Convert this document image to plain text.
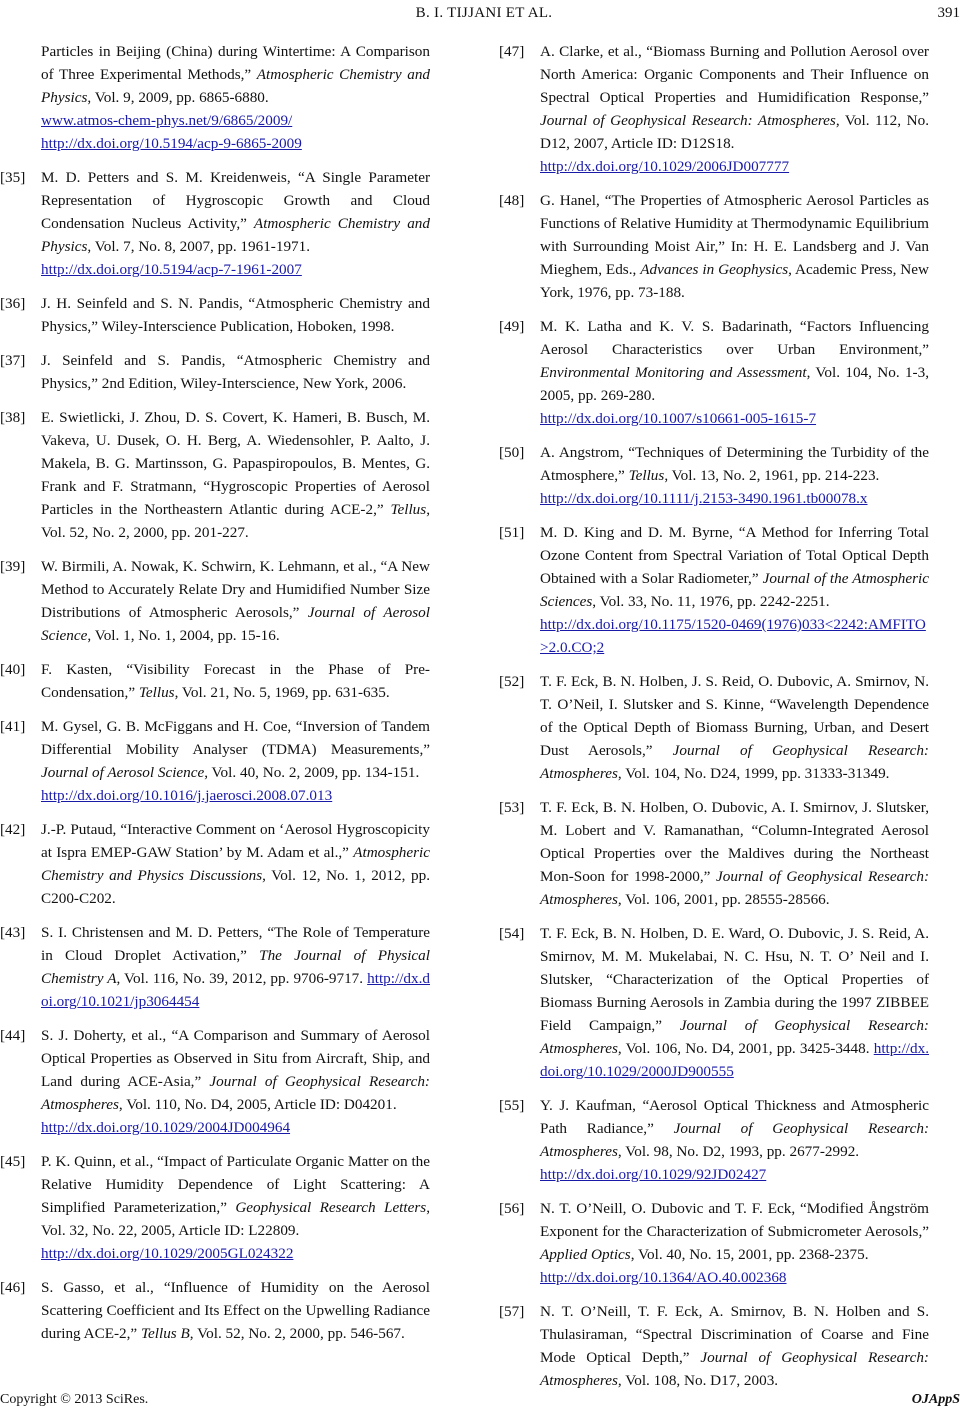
B. I. TIJJANI ET AL.	391
Particles in Beijing (China) during Wintertime: A Comparison of Three Experimental Methods,” Atmospheric Chemistry and Physics, Vol. 9, 2009, pp. 6865-6880.
www.atmos-chem-phys.net/9/6865/2009/
http://dx.doi.org/10.5194/acp-9-6865-2009
[35] M. D. Petters and S. M. Kreidenweis, “A Single Parameter Representation of Hygroscopic Growth and Cloud Condensation Nucleus Activity,” Atmospheric Chemistry and Physics, Vol. 7, No. 8, 2007, pp. 1961-1971.
http://dx.doi.org/10.5194/acp-7-1961-2007
[36] J. H. Seinfeld and S. N. Pandis, “Atmospheric Chemistry and Physics,” Wiley-Interscience Publication, Hoboken, 1998.
[37] J. Seinfeld and S. Pandis, “Atmospheric Chemistry and Physics,” 2nd Edition, Wiley-Interscience, New York, 2006.
[38] E. Swietlicki, J. Zhou, D. S. Covert, K. Hameri, B. Busch, M. Vakeva, U. Dusek, O. H. Berg, A. Wiedensohler, P. Aalto, J. Makela, B. G. Martinsson, G. Papaspiropoulos, B. Mentes, G. Frank and F. Stratmann, “Hygroscopic Properties of Aerosol Particles in the Northeastern Atlantic during ACE-2,” Tellus, Vol. 52, No. 2, 2000, pp. 201-227.
[39] W. Birmili, A. Nowak, K. Schwirn, K. Lehmann, et al., “A New Method to Accurately Relate Dry and Humidified Number Size Distributions of Atmospheric Aerosols,” Journal of Aerosol Science, Vol. 1, No. 1, 2004, pp. 15-16.
[40] F. Kasten, “Visibility Forecast in the Phase of Pre-Condensation,” Tellus, Vol. 21, No. 5, 1969, pp. 631-635.
[41] M. Gysel, G. B. McFiggans and H. Coe, “Inversion of Tandem Differential Mobility Analyser (TDMA) Measurements,” Journal of Aerosol Science, Vol. 40, No. 2, 2009, pp. 134-151.
http://dx.doi.org/10.1016/j.jaerosci.2008.07.013
[42] J.-P. Putaud, “Interactive Comment on ‘Aerosol Hygroscopicity at Ispra EMEP-GAW Station’ by M. Adam et al.,” Atmospheric Chemistry and Physics Discussions, Vol. 12, No. 1, 2012, pp. C200-C202.
[43] S. I. Christensen and M. D. Petters, “The Role of Temperature in Cloud Droplet Activation,” The Journal of Physical Chemistry A, Vol. 116, No. 39, 2012, pp. 9706-9717. http://dx.doi.org/10.1021/jp3064454
[44] S. J. Doherty, et al., “A Comparison and Summary of Aerosol Optical Properties as Observed in Situ from Aircraft, Ship, and Land during ACE-Asia,” Journal of Geophysical Research: Atmospheres, Vol. 110, No. D4, 2005, Article ID: D04201.
http://dx.doi.org/10.1029/2004JD004964
[45] P. K. Quinn, et al., “Impact of Particulate Organic Matter on the Relative Humidity Dependence of Light Scattering: A Simplified Parameterization,” Geophysical Research Letters, Vol. 32, No. 22, 2005, Article ID: L22809.
http://dx.doi.org/10.1029/2005GL024322
[46] S. Gasso, et al., “Influence of Humidity on the Aerosol Scattering Coefficient and Its Effect on the Upwelling Radiance during ACE-2,” Tellus B, Vol. 52, No. 2, 2000, pp. 546-567.
[47] A. Clarke, et al., “Biomass Burning and Pollution Aerosol over North America: Organic Components and Their Influence on Spectral Optical Properties and Humidification Response,” Journal of Geophysical Research: Atmospheres, Vol. 112, No. D12, 2007, Article ID: D12S18.
http://dx.doi.org/10.1029/2006JD007777
[48] G. Hanel, “The Properties of Atmospheric Aerosol Particles as Functions of Relative Humidity at Thermodynamic Equilibrium with Surrounding Moist Air,” In: H. E. Landsberg and J. Van Mieghem, Eds., Advances in Geophysics, Academic Press, New York, 1976, pp. 73-188.
[49] M. K. Latha and K. V. S. Badarinath, “Factors Influencing Aerosol Characteristics over Urban Environment,” Environmental Monitoring and Assessment, Vol. 104, No. 1-3, 2005, pp. 269-280.
http://dx.doi.org/10.1007/s10661-005-1615-7
[50] A. Angstrom, “Techniques of Determining the Turbidity of the Atmosphere,” Tellus, Vol. 13, No. 2, 1961, pp. 214-223.
http://dx.doi.org/10.1111/j.2153-3490.1961.tb00078.x
[51] M. D. King and D. M. Byrne, “A Method for Inferring Total Ozone Content from Spectral Variation of Total Optical Depth Obtained with a Solar Radiometer,” Journal of the Atmospheric Sciences, Vol. 33, No. 11, 1976, pp. 2242-2251.
http://dx.doi.org/10.1175/1520-0469(1976)033<2242:AMFITO>2.0.CO;2
[52] T. F. Eck, B. N. Holben, J. S. Reid, O. Dubovic, A. Smirnov, N. T. O’Neil, I. Slutsker and S. Kinne, “Wavelength Dependence of the Optical Depth of Biomass Burning, Urban, and Desert Dust Aerosols,” Journal of Geophysical Research: Atmospheres, Vol. 104, No. D24, 1999, pp. 31333-31349.
[53] T. F. Eck, B. N. Holben, O. Dubovic, A. I. Smirnov, J. Slutsker, M. Lobert and V. Ramanathan, “Column-Integrated Aerosol Optical Properties over the Maldives during the Northeast Mon-Soon for 1998-2000,” Journal of Geophysical Research: Atmospheres, Vol. 106, 2001, pp. 28555-28566.
[54] T. F. Eck, B. N. Holben, D. E. Ward, O. Dubovic, J. S. Reid, A. Smirnov, M. M. Mukelabai, N. C. Hsu, N. T. O’ Neil and I. Slutsker, “Characterization of the Optical Properties of Biomass Burning Aerosols in Zambia during the 1997 ZIBBEE Field Campaign,” Journal of Geophysical Research: Atmospheres, Vol. 106, No. D4, 2001, pp. 3425-3448. http://dx.doi.org/10.1029/2000JD900555
[55] Y. J. Kaufman, “Aerosol Optical Thickness and Atmospheric Path Radiance,” Journal of Geophysical Research: Atmospheres, Vol. 98, No. D2, 1993, pp. 2677-2992.
http://dx.doi.org/10.1029/92JD02427
[56] N. T. O’Neill, O. Dubovic and T. F. Eck, “Modified Ångström Exponent for the Characterization of Submicrometer Aerosols,” Applied Optics, Vol. 40, No. 15, 2001, pp. 2368-2375.
http://dx.doi.org/10.1364/AO.40.002368
[57] N. T. O’Neill, T. F. Eck, A. Smirnov, B. N. Holben and S. Thulasiraman, “Spectral Discrimination of Coarse and Fine Mode Optical Depth,” Journal of Geophysical Research: Atmospheres, Vol. 108, No. D17, 2003.
Copyright © 2013 SciRes.	OJAppS
